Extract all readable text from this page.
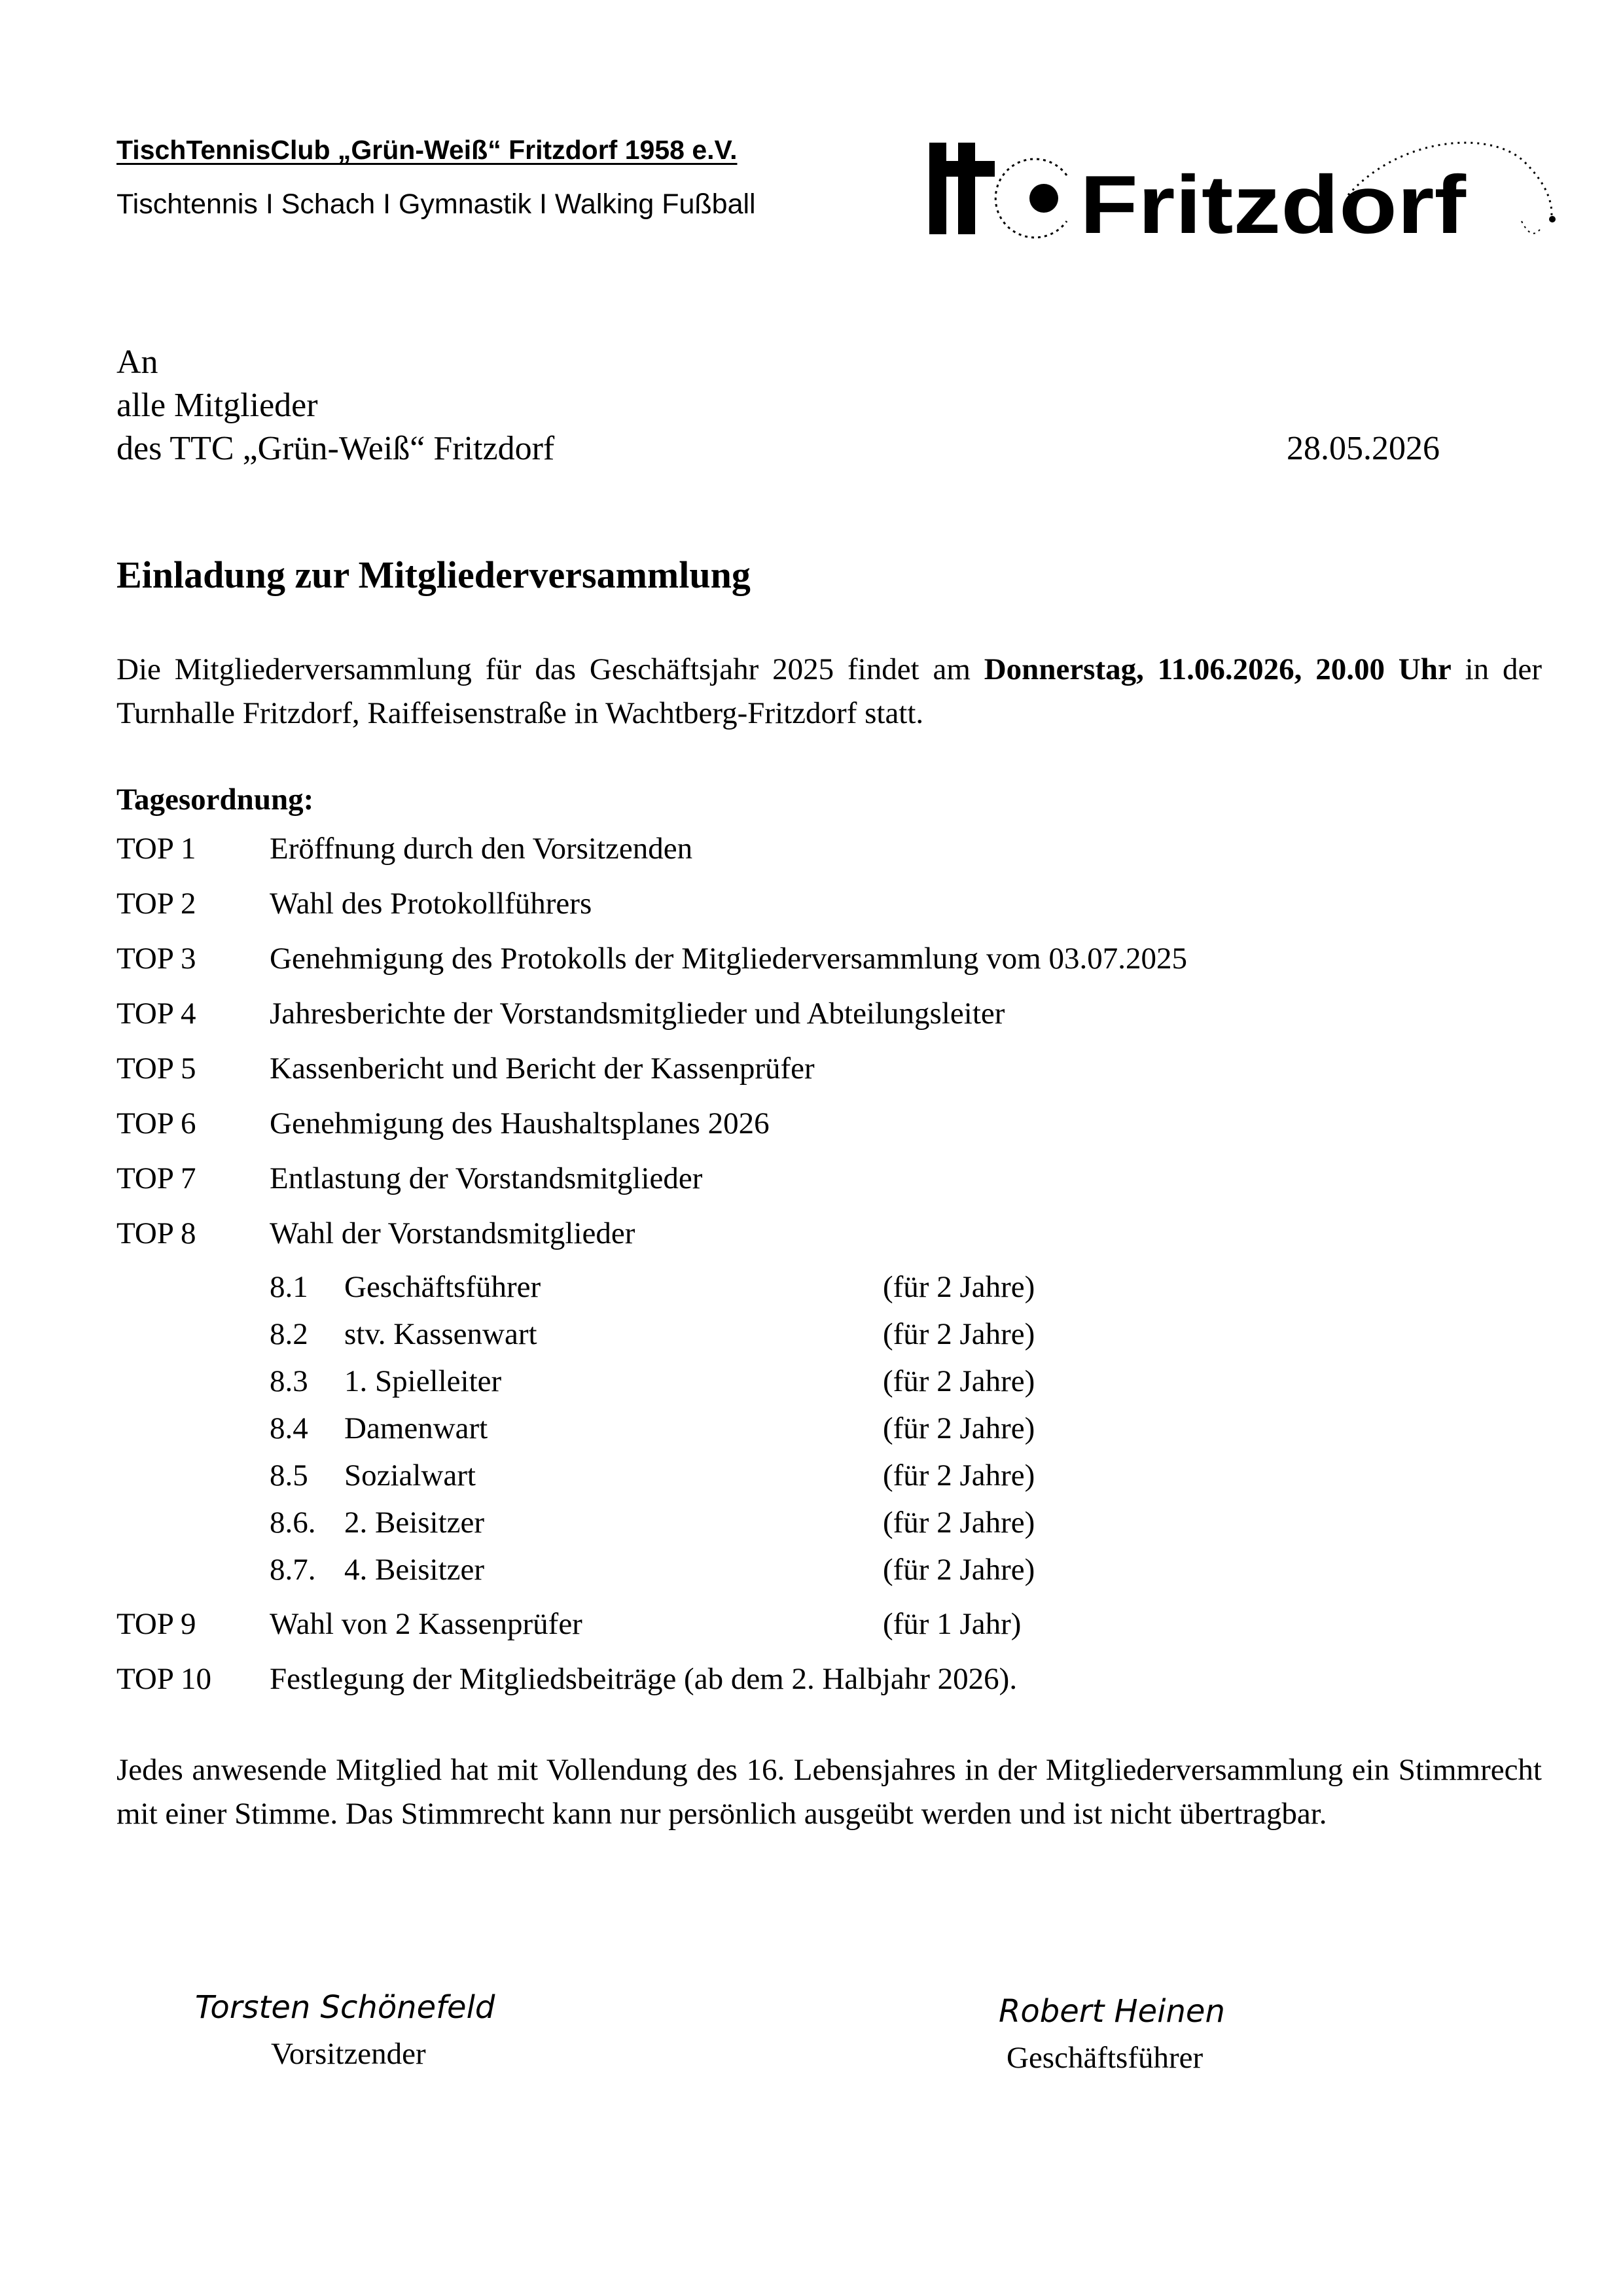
TischTennisClub „Grün-Weiß“ Fritzdorf 1958 e.V.
Tischtennis I Schach I Gymnastik I Walking Fußball	Fritzdorf
An
alle Mitglieder
des TTC „Grün-Weiß“ Fritzdorf	28.05.2026
Einladung zur Mitgliederversammlung
Die Mitgliederversammlung für das Geschäftsjahr 2025 findet am Donnerstag, 11.06.2026, 20.00 Uhr in der Turnhalle Fritzdorf, Raiffeisenstraße in Wachtberg-Fritzdorf statt.
Tagesordnung:
TOP 1 Eröffnung durch den Vorsitzenden
TOP 2 Wahl des Protokollführers
TOP 3 Genehmigung des Protokolls der Mitgliederversammlung vom 03.07.2025
TOP 4 Jahresberichte der Vorstandsmitglieder und Abteilungsleiter
TOP 5 Kassenbericht und Bericht der Kassenprüfer
TOP 6 Genehmigung des Haushaltsplanes 2026
TOP 7 Entlastung der Vorstandsmitglieder
TOP 8 Wahl der Vorstandsmitglieder
8.1 Geschäftsführer	(für 2 Jahre)
8.2 stv. Kassenwart	(für 2 Jahre)
8.3 1. Spielleiter	(für 2 Jahre)
8.4 Damenwart	(für 2 Jahre)
8.5 Sozialwart	(für 2 Jahre)
8.6. 2. Beisitzer	(für 2 Jahre)
8.7. 4. Beisitzer	(für 2 Jahre)
TOP 9 Wahl von 2 Kassenprüfer	(für 1 Jahr)
TOP 10 Festlegung der Mitgliedsbeiträge (ab dem 2. Halbjahr 2026).
Jedes anwesende Mitglied hat mit Vollendung des 16. Lebensjahres in der Mitgliederversammlung ein Stimmrecht mit einer Stimme. Das Stimmrecht kann nur persönlich ausgeübt werden und ist nicht übertragbar.
Torsten Schönefeld
Vorsitzender
Robert Heinen
Geschäftsführer
